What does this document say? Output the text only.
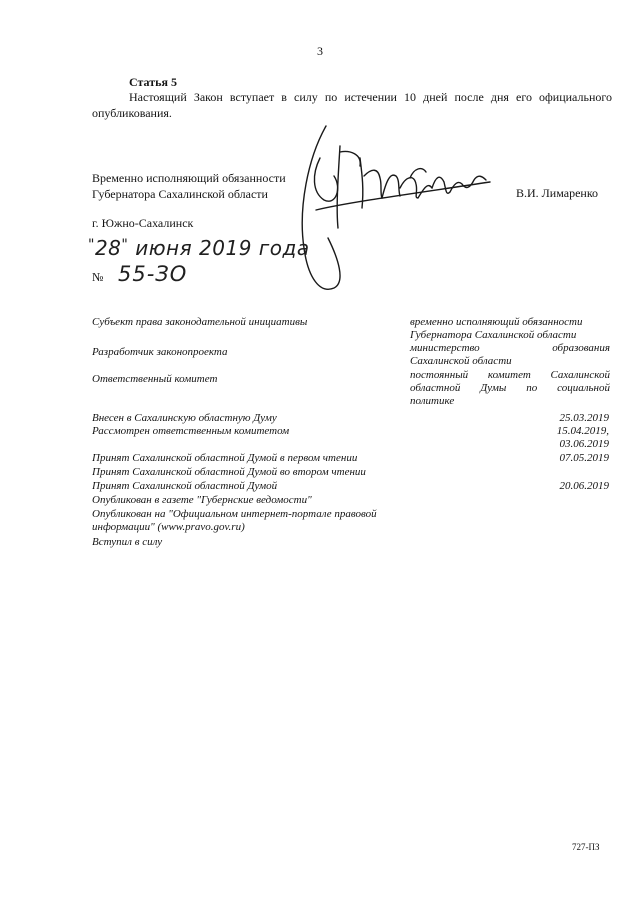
3
Статья 5
Настоящий Закон вступает в силу по истечении 10 дней после дня его официального
опубликования.
Временно исполняющий обязанности
Губернатора Сахалинской области	В.И. Лимаренко
г. Южно-Сахалинск
"28" июня 2019 года
№ 55-ЗО
Субъект права законодательной инициативы	временно исполняющий обязанности
Губернатора Сахалинской области
Разработчик законопроекта	министерство образования
Сахалинской области
Ответственный комитет	постоянный комитет Сахалинской
областной Думы по социальной
политике
Внесен в Сахалинскую областную Думу	25.03.2019
Рассмотрен ответственным комитетом	15.04.2019,
03.06.2019
Принят Сахалинской областной Думой в первом чтении	07.05.2019
Принят Сахалинской областной Думой во втором чтении
Принят Сахалинской областной Думой	20.06.2019
Опубликован в газете "Губернские ведомости"
Опубликован на "Официальном интернет-портале правовой
информации" (www.pravo.gov.ru)
Вступил в силу
727-ПЗ
